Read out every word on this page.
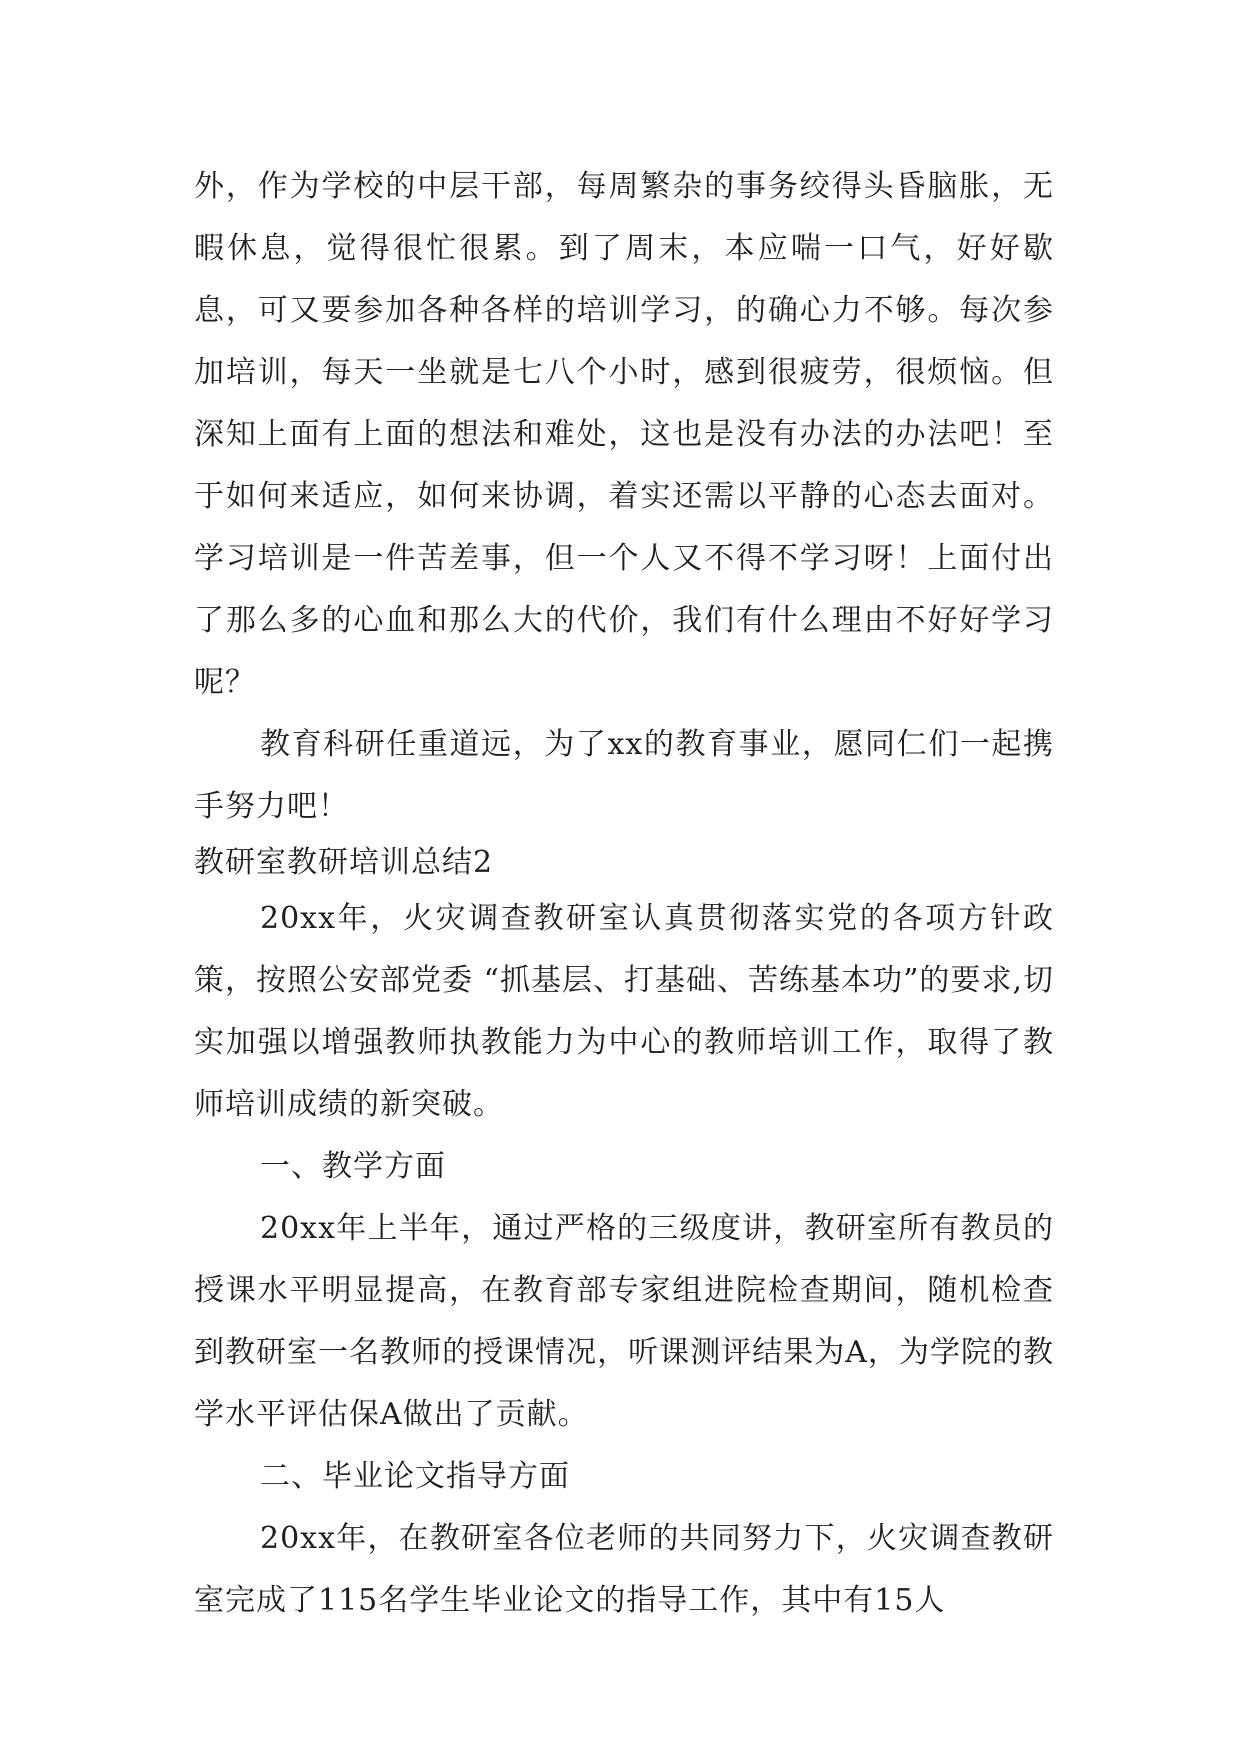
外，作为学校的中层干部，每周繁杂的事务绞得头昏脑胀，无暇休息，觉得很忙很累。到了周末，本应喘一口气，好好歇息，可又要参加各种各样的培训学习，的确心力不够。每次参加培训，每天一坐就是七八个小时，感到很疲劳，很烦恼。但深知上面有上面的想法和难处，这也是没有办法的办法吧！至于如何来适应，如何来协调，着实还需以平静的心态去面对。学习培训是一件苦差事，但一个人又不得不学习呀！上面付出了那么多的心血和那么大的代价，我们有什么理由不好好学习呢？

教育科研任重道远，为了xx的教育事业，愿同仁们一起携手努力吧！

教研室教研培训总结2

20xx年，火灾调查教研室认真贯彻落实党的各项方针政策，按照公安部党委 “抓基层、打基础、苦练基本功”的要求,切实加强以增强教师执教能力为中心的教师培训工作，取得了教师培训成绩的新突破。

一、教学方面

20xx年上半年，通过严格的三级度讲，教研室所有教员的授课水平明显提高，在教育部专家组进院检查期间，随机检查到教研室一名教师的授课情况，听课测评结果为A，为学院的教学水平评估保A做出了贡献。

二、毕业论文指导方面

20xx年，在教研室各位老师的共同努力下，火灾调查教研室完成了115名学生毕业论文的指导工作，其中有15人
